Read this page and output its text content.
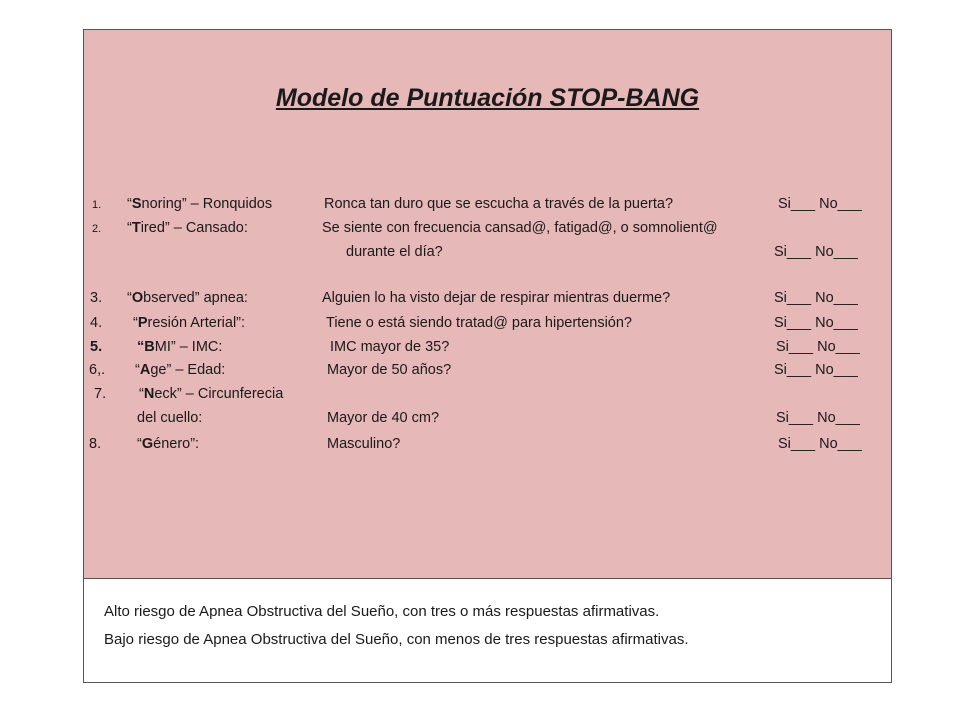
Modelo de Puntuación STOP-BANG
1. “Snoring” – Ronquidos	Ronca tan duro que se escucha a través de la puerta?	Si___ No___
2. “Tired” – Cansado:	Se siente con frecuencia cansad@, fatigad@, o somnolient@
durante el día?	Si___ No___
3. “Observed” apnea:	Alguien lo ha visto dejar de respirar mientras duerme?	Si___ No___
4. “Presión Arterial”:	Tiene o está siendo tratad@ para hipertensión?	Si___ No___
5. “BMI” – IMC:	IMC mayor de 35?	Si___ No___
6,. “Age” – Edad:	Mayor de 50 años?	Si___ No___
7. “Neck” – Circunferecia
del cuello:	Mayor de 40 cm?	Si___ No___
8. “Género”:	Masculino?	Si___ No___
Alto riesgo de Apnea Obstructiva del Sueño, con tres o más respuestas afirmativas.
Bajo riesgo de Apnea Obstructiva del Sueño, con menos de tres respuestas afirmativas.
